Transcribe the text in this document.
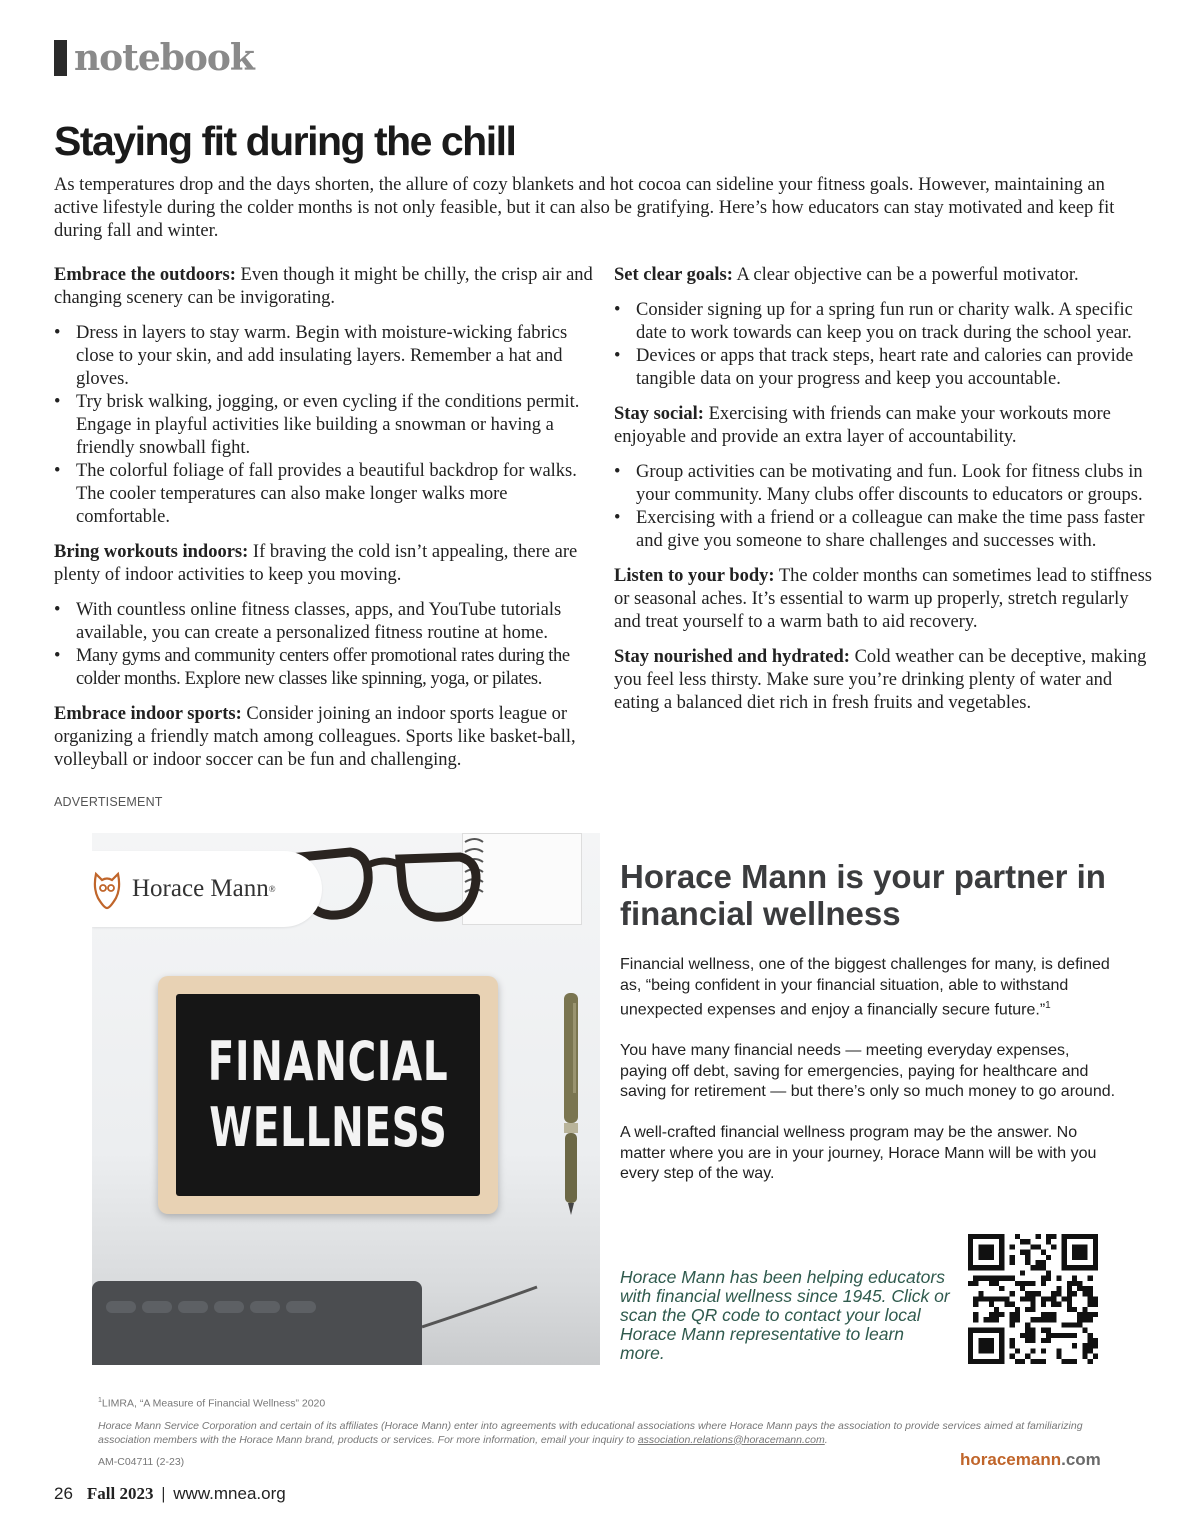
notebook
Staying fit during the chill

As temperatures drop and the days shorten, the allure of cozy blankets and hot cocoa can sideline your fitness goals. However, maintaining an active lifestyle during the colder months is not only feasible, but it can also be gratifying. Here’s how educators can stay motivated and keep fit during fall and winter.

Embrace the outdoors: Even though it might be chilly, the crisp air and changing scenery can be invigorating.

• Dress in layers to stay warm. Begin with moisture-wicking fabrics close to your skin, and add insulating layers. Remember a hat and gloves.
• Try brisk walking, jogging, or even cycling if the conditions permit. Engage in playful activities like building a snowman or having a friendly snowball fight.
• The colorful foliage of fall provides a beautiful backdrop for walks. The cooler temperatures can also make longer walks more comfortable.

Bring workouts indoors: If braving the cold isn’t appealing, there are plenty of indoor activities to keep you moving.

• With countless online fitness classes, apps, and YouTube tutorials available, you can create a personalized fitness routine at home.
• Many gyms and community centers offer promotional rates during the colder months. Explore new classes like spinning, yoga, or pilates.

Embrace indoor sports: Consider joining an indoor sports league or organizing a friendly match among colleagues. Sports like basket-ball, volleyball or indoor soccer can be fun and challenging.

Set clear goals: A clear objective can be a powerful motivator.

• Consider signing up for a spring fun run or charity walk. A specific date to work towards can keep you on track during the school year.
• Devices or apps that track steps, heart rate and calories can provide tangible data on your progress and keep you accountable.

Stay social: Exercising with friends can make your workouts more enjoyable and provide an extra layer of accountability.

• Group activities can be motivating and fun. Look for fitness clubs in your community. Many clubs offer discounts to educators or groups.
• Exercising with a friend or a colleague can make the time pass faster and give you someone to share challenges and successes with.

Listen to your body: The colder months can sometimes lead to stiffness or seasonal aches. It’s essential to warm up properly, stretch regularly and treat yourself to a warm bath to aid recovery.

Stay nourished and hydrated: Cold weather can be deceptive, making you feel less thirsty. Make sure you’re drinking plenty of water and eating a balanced diet rich in fresh fruits and vegetables.

ADVERTISEMENT
Horace Mann ®
FINANCIAL
WELLNESS
Horace Mann is your partner in financial wellness

Financial wellness, one of the biggest challenges for many, is defined as, “being confident in your financial situation, able to withstand unexpected expenses and enjoy a financially secure future.”$^1$

You have many financial needs — meeting everyday expenses, paying off debt, saving for emergencies, paying for healthcare and saving for retirement — but there’s only so much money to go around.

A well-crafted financial wellness program may be the answer. No matter where you are in your journey, Horace Mann will be with you every step of the way.

Horace Mann has been helping educators with financial wellness since 1945. Click or scan the QR code to contact your local Horace Mann representative to learn more.

$^1$LIMRA, “A Measure of Financial Wellness” 2020
Horace Mann Service Corporation and certain of its affiliates (Horace Mann) enter into agreements with educational associations where Horace Mann pays the association to provide services aimed at familiarizing association members with the Horace Mann brand, products or services. For more information, email your inquiry to association.relations@horacemann.com.
AM-C04711 (2-23)	horacemann.com
26 Fall 2023 | www.mnea.org
